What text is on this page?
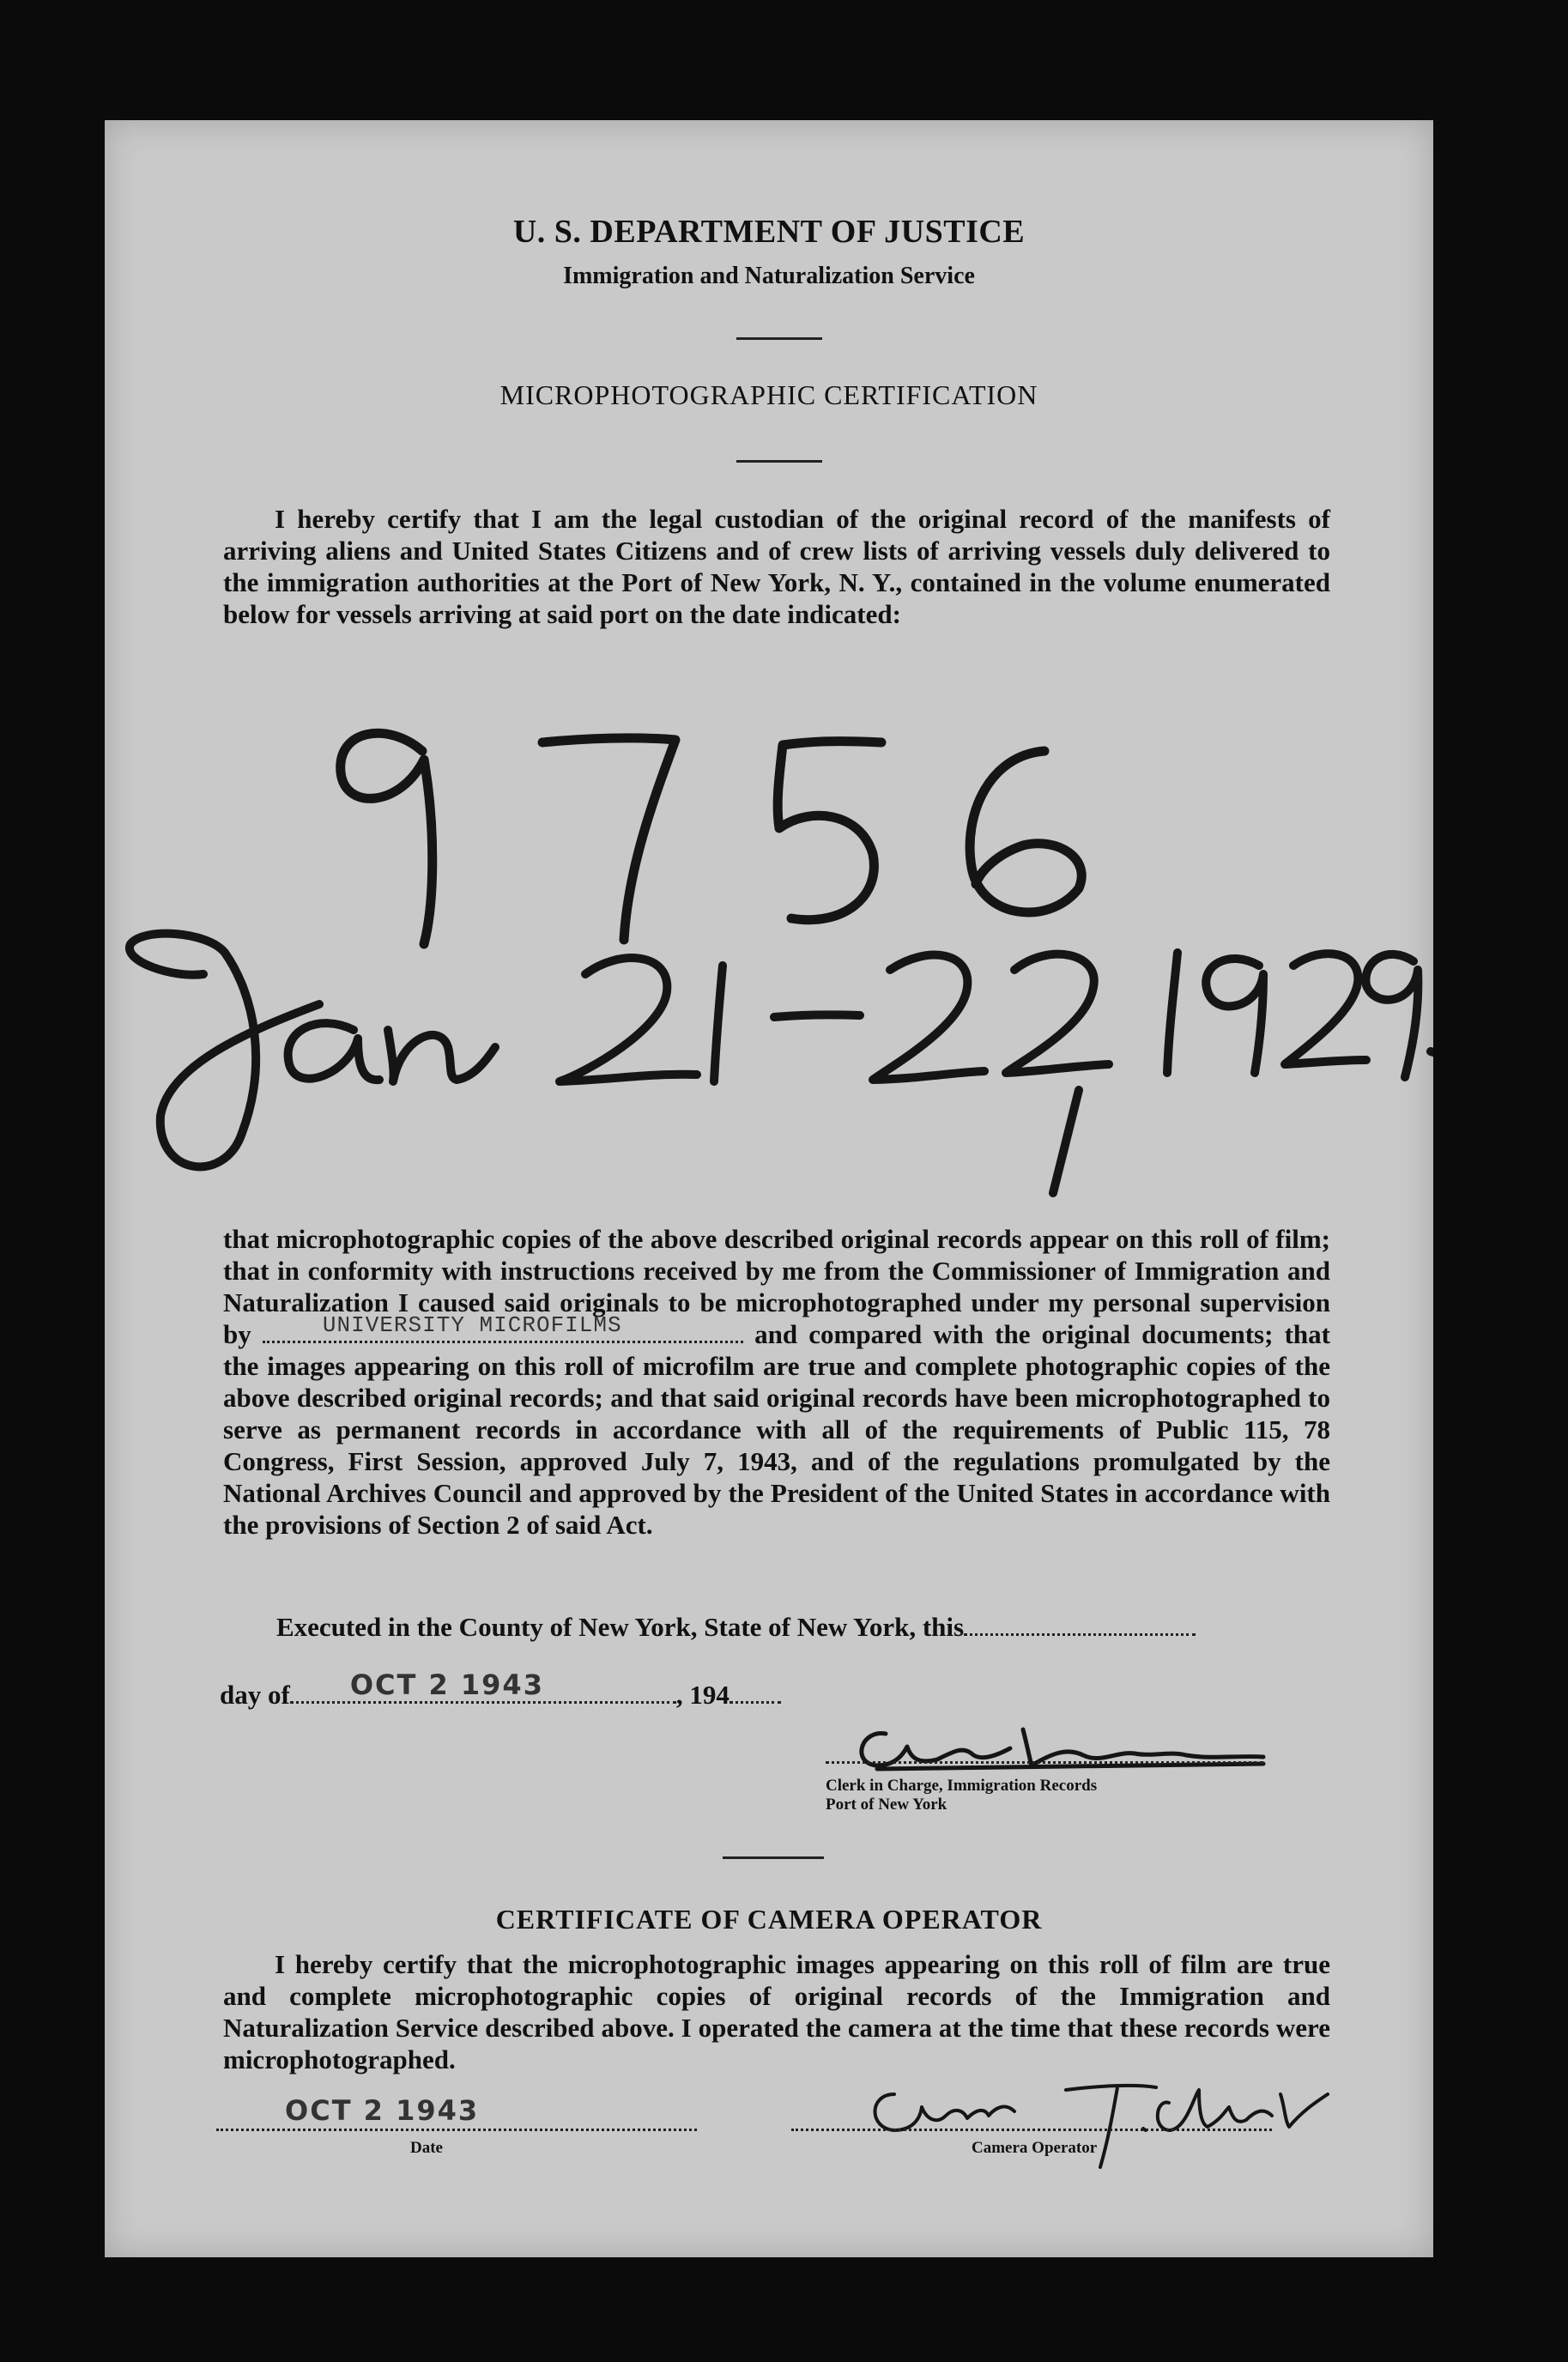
U. S. DEPARTMENT OF JUSTICE
Immigration and Naturalization Service
MICROPHOTOGRAPHIC CERTIFICATION
I hereby certify that I am the legal custodian of the original record of the manifests of arriving aliens and United States Citizens and of crew lists of arriving vessels duly delivered to the immigration authorities at the Port of New York, N. Y., contained in the volume enumerated below for vessels arriving at said port on the date indicated:
that microphotographic copies of the above described original records appear on this roll of film; that in conformity with instructions received by me from the Commissioner of Immigration and Naturalization I caused said originals to be microphotographed under my personal supervision by	UNIVERSITY MICROFILMS	and compared with the original documents; that the images appearing on this roll of microfilm are true and complete photographic copies of the above described original records; and that said original records have been microphotographed to serve as permanent records in accordance with all of the requirements of Public 115, 78 Congress, First Session, approved July 7, 1943, and of the regulations promulgated by the National Archives Council and approved by the President of the United States in accordance with the provisions of Section 2 of said Act.
Executed in the County of New York, State of New York, this
day of OCT 2 1943	, 194
Clerk in Charge, Immigration Records
Port of New York
CERTIFICATE OF CAMERA OPERATOR
I hereby certify that the microphotographic images appearing on this roll of film are true and complete microphotographic copies of original records of the Immigration and Naturalization Service described above. I operated the camera at the time that these records were microphotographed.
OCT 2 1943
Date	Camera Operator
